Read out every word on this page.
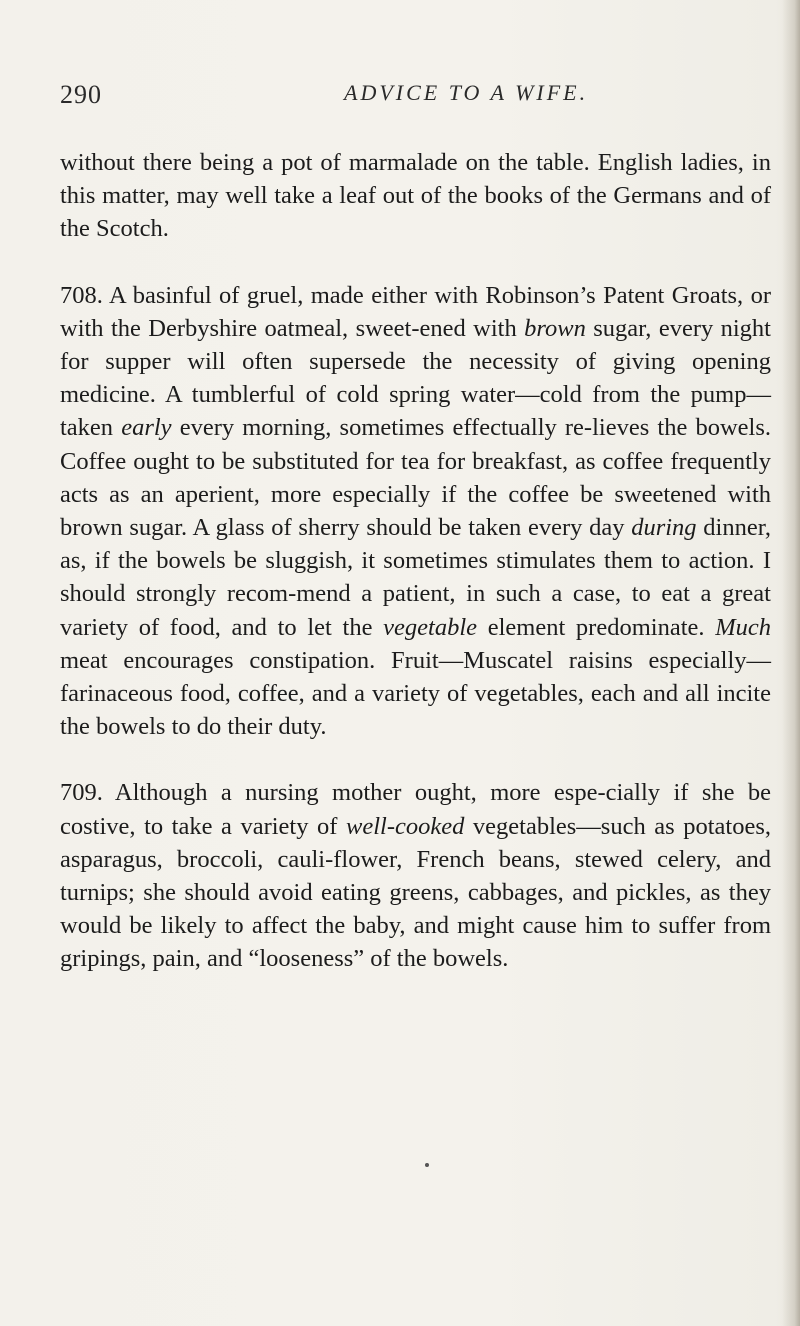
290	ADVICE TO A WIFE.

without there being a pot of marmalade on the table. English ladies, in this matter, may well take a leaf out of the books of the Germans and of the Scotch.

708. A basinful of gruel, made either with Robinson’s Patent Groats, or with the Derbyshire oatmeal, sweet-ened with brown sugar, every night for supper will often supersede the necessity of giving opening medicine. A tumblerful of cold spring water—cold from the pump—taken early every morning, sometimes effectually re-lieves the bowels. Coffee ought to be substituted for tea for breakfast, as coffee frequently acts as an aperient, more especially if the coffee be sweetened with brown sugar. A glass of sherry should be taken every day during dinner, as, if the bowels be sluggish, it sometimes stimulates them to action. I should strongly recom-mend a patient, in such a case, to eat a great variety of food, and to let the vegetable element predominate. Much meat encourages constipation. Fruit—Muscatel raisins especially—farinaceous food, coffee, and a variety of vegetables, each and all incite the bowels to do their duty.

709. Although a nursing mother ought, more espe-cially if she be costive, to take a variety of well-cooked vegetables—such as potatoes, asparagus, broccoli, cauli-flower, French beans, stewed celery, and turnips; she should avoid eating greens, cabbages, and pickles, as they would be likely to affect the baby, and might cause him to suffer from gripings, pain, and “looseness” of the bowels.
